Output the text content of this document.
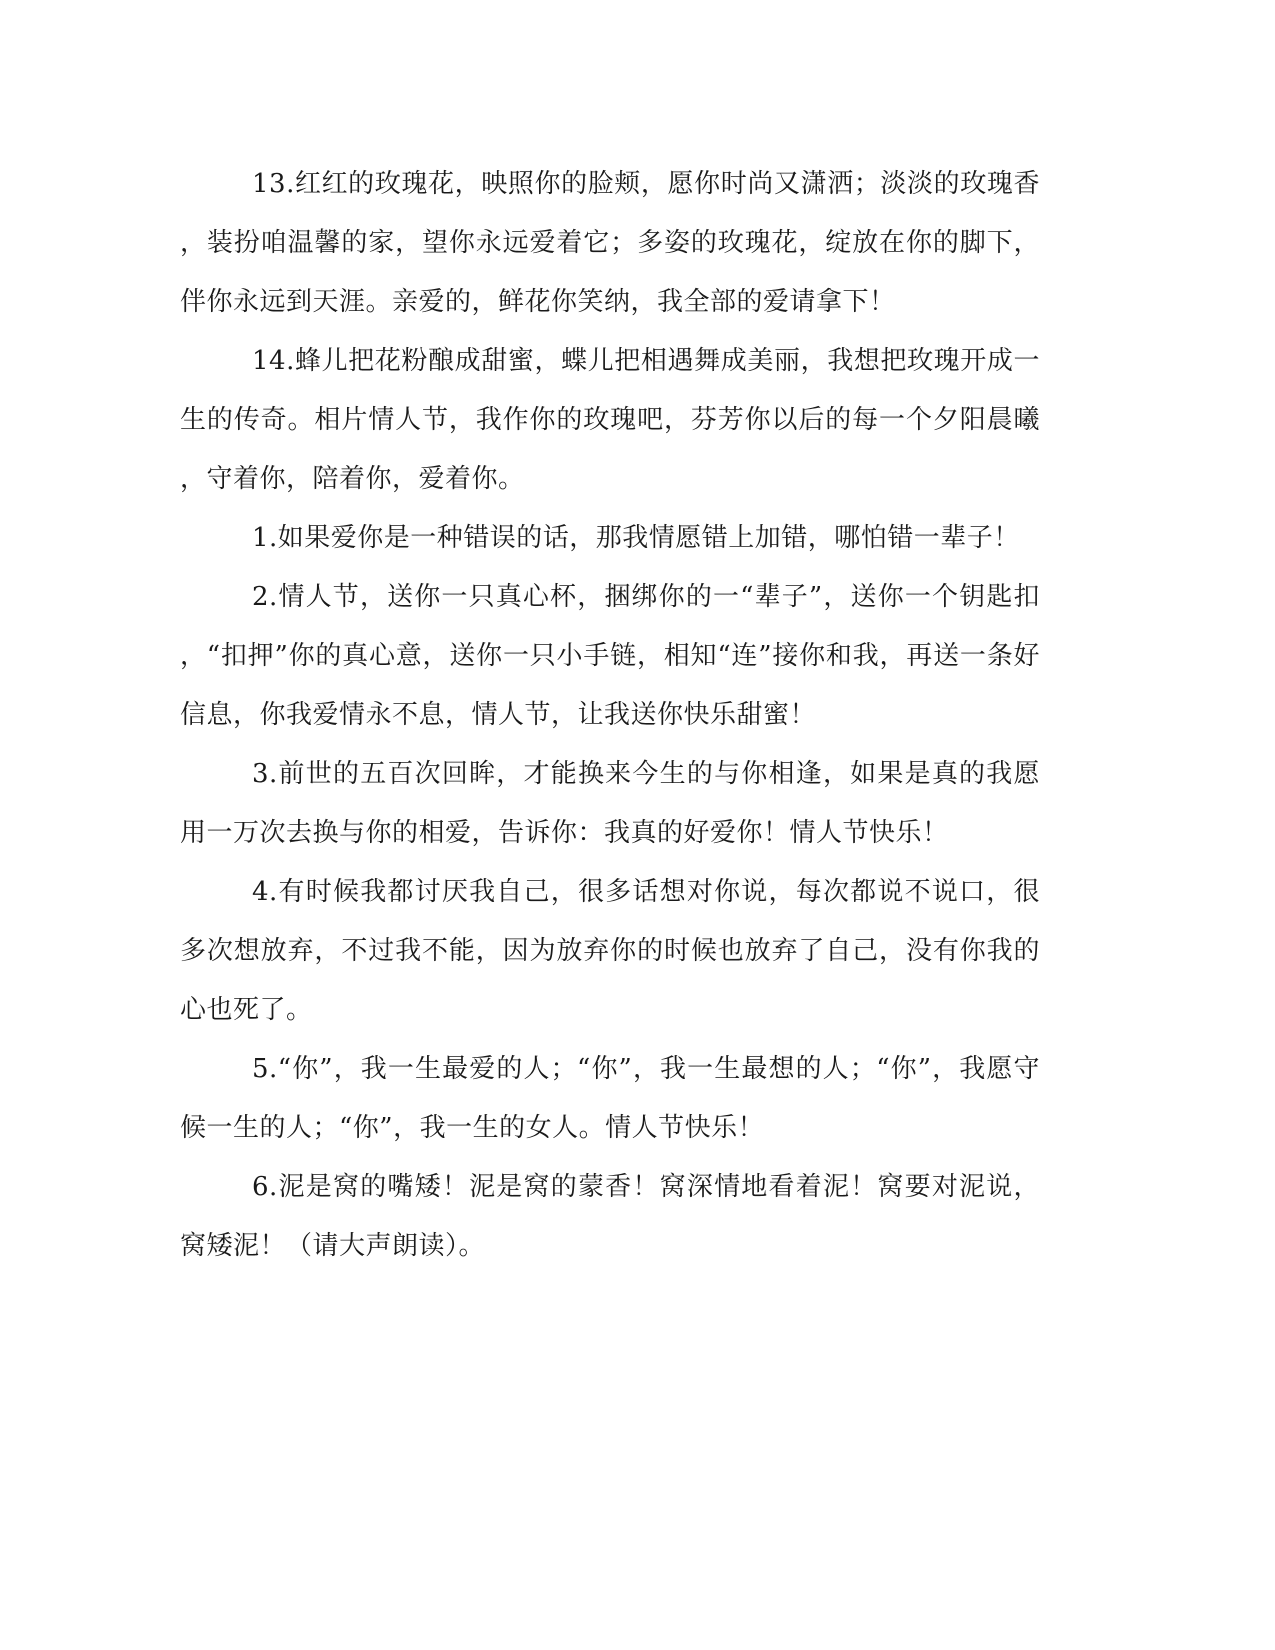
13.红红的玫瑰花，映照你的脸颊，愿你时尚又潇洒；淡淡的玫瑰香，装扮咱温馨的家，望你永远爱着它；多姿的玫瑰花，绽放在你的脚下，伴你永远到天涯。亲爱的，鲜花你笑纳，我全部的爱请拿下！

14.蜂儿把花粉酿成甜蜜，蝶儿把相遇舞成美丽，我想把玫瑰开成一生的传奇。相片情人节，我作你的玫瑰吧，芬芳你以后的每一个夕阳晨曦，守着你，陪着你，爱着你。

1.如果爱你是一种错误的话，那我情愿错上加错，哪怕错一辈子！

2.情人节，送你一只真心杯，捆绑你的一“辈子”，送你一个钥匙扣，“扣押”你的真心意，送你一只小手链，相知“连”接你和我，再送一条好信息，你我爱情永不息，情人节，让我送你快乐甜蜜！

3.前世的五百次回眸，才能换来今生的与你相逢，如果是真的我愿用一万次去换与你的相爱，告诉你：我真的好爱你！情人节快乐！

4.有时候我都讨厌我自己，很多话想对你说，每次都说不说口，很多次想放弃，不过我不能，因为放弃你的时候也放弃了自己，没有你我的心也死了。

5.“你”，我一生最爱的人；“你”，我一生最想的人；“你”，我愿守候一生的人；“你”，我一生的女人。情人节快乐！

6.泥是窝的嘴矮！泥是窝的蒙香！窝深情地看着泥！窝要对泥说，窝矮泥！（请大声朗读）。
